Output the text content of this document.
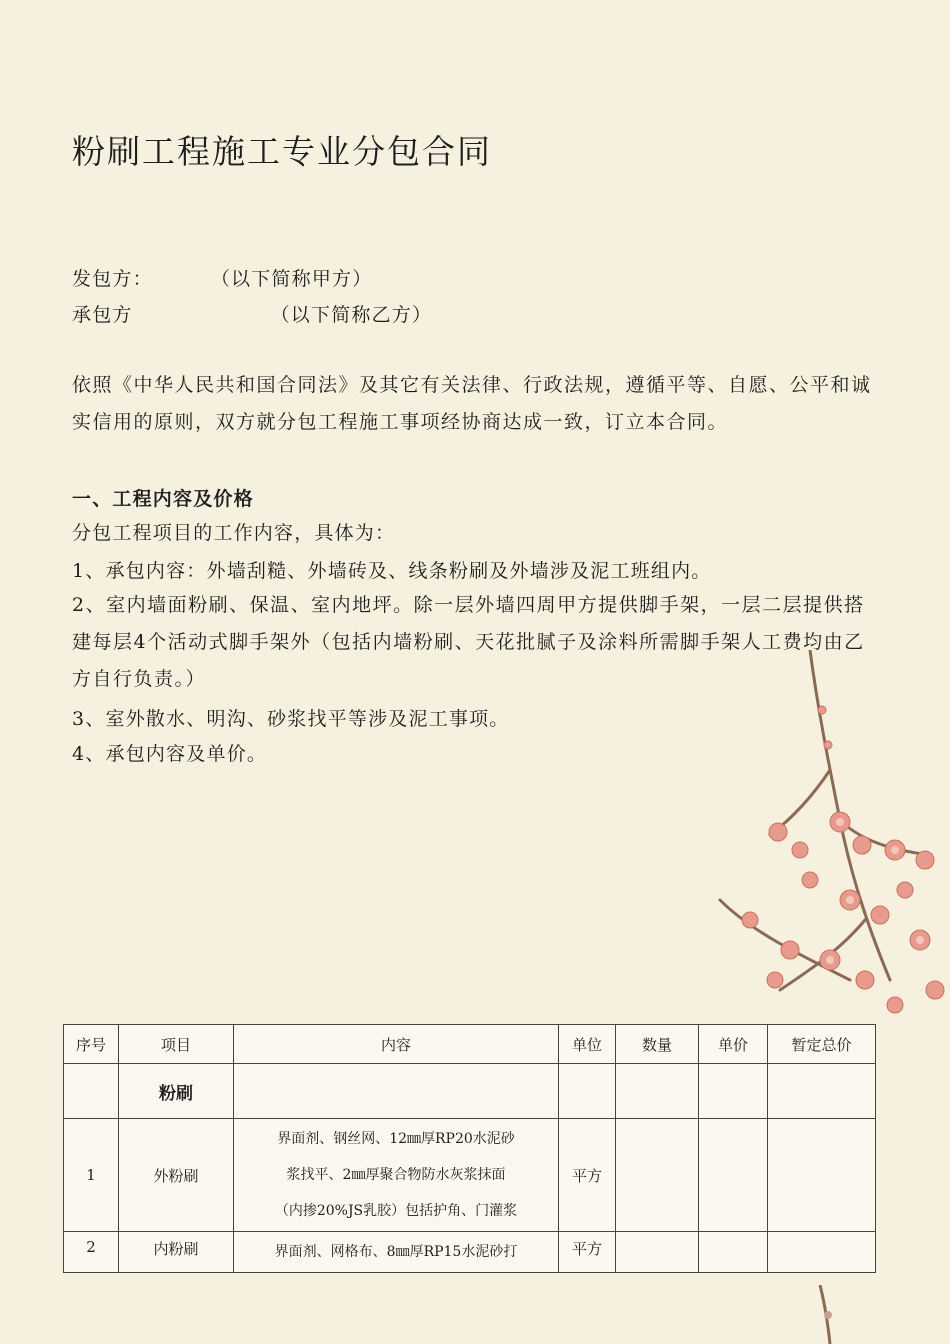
粉刷工程施工专业分包合同
发包方：	（以下简称甲方）
承包方	（以下简称乙方）
依照《中华人民共和国合同法》及其它有关法律、行政法规，遵循平等、自愿、公平和诚实信用的原则，双方就分包工程施工事项经协商达成一致，订立本合同。
一、工程内容及价格
分包工程项目的工作内容，具体为：
1、承包内容：外墙刮糙、外墙砖及、线条粉刷及外墙涉及泥工班组内。
2、室内墙面粉刷、保温、室内地坪。除一层外墙四周甲方提供脚手架，一层二层提供搭建每层4个活动式脚手架外（包括内墙粉刷、天花批腻子及涂料所需脚手架人工费均由乙方自行负责。）
3、室外散水、明沟、砂浆找平等涉及泥工事项。
4、承包内容及单价。
序号	项目	内容	单位	数量	单价	暂定总价
	粉刷					
1	外粉刷	界面剂、钢丝网、12㎜厚RP20水泥砂
浆找平、2㎜厚聚合物防水灰浆抹面
（内掺20%JS乳胶）包括护角、门灌浆	平方			
2	内粉刷	界面剂、网格布、8㎜厚RP15水泥砂打	平方			
